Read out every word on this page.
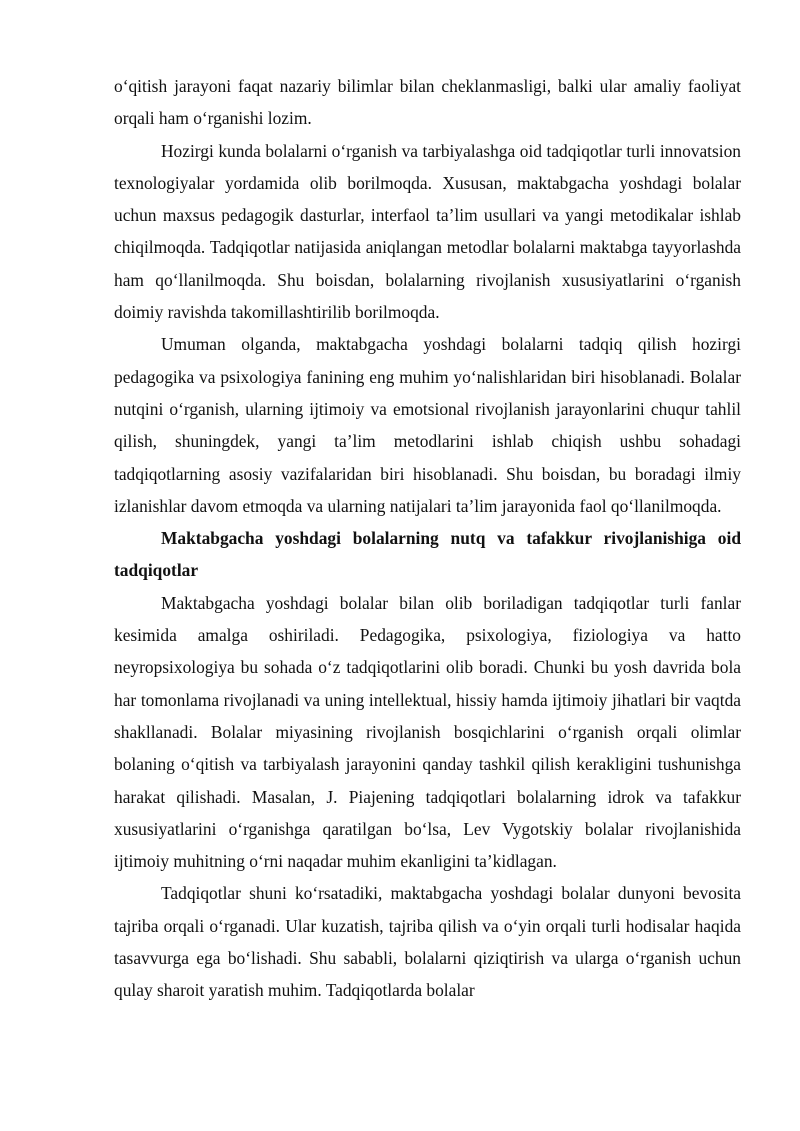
o‘qitish jarayoni faqat nazariy bilimlar bilan cheklanmasligi, balki ular amaliy faoliyat orqali ham o‘rganishi lozim.

Hozirgi kunda bolalarni o‘rganish va tarbiyalashga oid tadqiqotlar turli innovatsion texnologiyalar yordamida olib borilmoqda. Xususan, maktabgacha yoshdagi bolalar uchun maxsus pedagogik dasturlar, interfaol ta’lim usullari va yangi metodikalar ishlab chiqilmoqda. Tadqiqotlar natijasida aniqlangan metodlar bolalarni maktabga tayyorlashda ham qo‘llanilmoqda. Shu boisdan, bolalarning rivojlanish xususiyatlarini o‘rganish doimiy ravishda takomillashtirilib borilmoqda.

Umuman olganda, maktabgacha yoshdagi bolalarni tadqiq qilish hozirgi pedagogika va psixologiya fanining eng muhim yo‘nalishlaridan biri hisoblanadi. Bolalar nutqini o‘rganish, ularning ijtimoiy va emotsional rivojlanish jarayonlarini chuqur tahlil qilish, shuningdek, yangi ta’lim metodlarini ishlab chiqish ushbu sohadagi tadqiqotlarning asosiy vazifalaridan biri hisoblanadi. Shu boisdan, bu boradagi ilmiy izlanishlar davom etmoqda va ularning natijalari ta’lim jarayonida faol qo‘llanilmoqda.

Maktabgacha yoshdagi bolalarning nutq va tafakkur rivojlanishiga oid tadqiqotlar

Maktabgacha yoshdagi bolalar bilan olib boriladigan tadqiqotlar turli fanlar kesimida amalga oshiriladi. Pedagogika, psixologiya, fiziologiya va hatto neyropsixologiya bu sohada o‘z tadqiqotlarini olib boradi. Chunki bu yosh davrida bola har tomonlama rivojlanadi va uning intellektual, hissiy hamda ijtimoiy jihatlari bir vaqtda shakllanadi. Bolalar miyasining rivojlanish bosqichlarini o‘rganish orqali olimlar bolaning o‘qitish va tarbiyalash jarayonini qanday tashkil qilish kerakligini tushunishga harakat qilishadi. Masalan, J. Piajening tadqiqotlari bolalarning idrok va tafakkur xususiyatlarini o‘rganishga qaratilgan bo‘lsa, Lev Vygotskiy bolalar rivojlanishida ijtimoiy muhitning o‘rni naqadar muhim ekanligini ta’kidlagan.

Tadqiqotlar shuni ko‘rsatadiki, maktabgacha yoshdagi bolalar dunyoni bevosita tajriba orqali o‘rganadi. Ular kuzatish, tajriba qilish va o‘yin orqali turli hodisalar haqida tasavvurga ega bo‘lishadi. Shu sababli, bolalarni qiziqtirish va ularga o‘rganish uchun qulay sharoit yaratish muhim. Tadqiqotlarda bolalar
